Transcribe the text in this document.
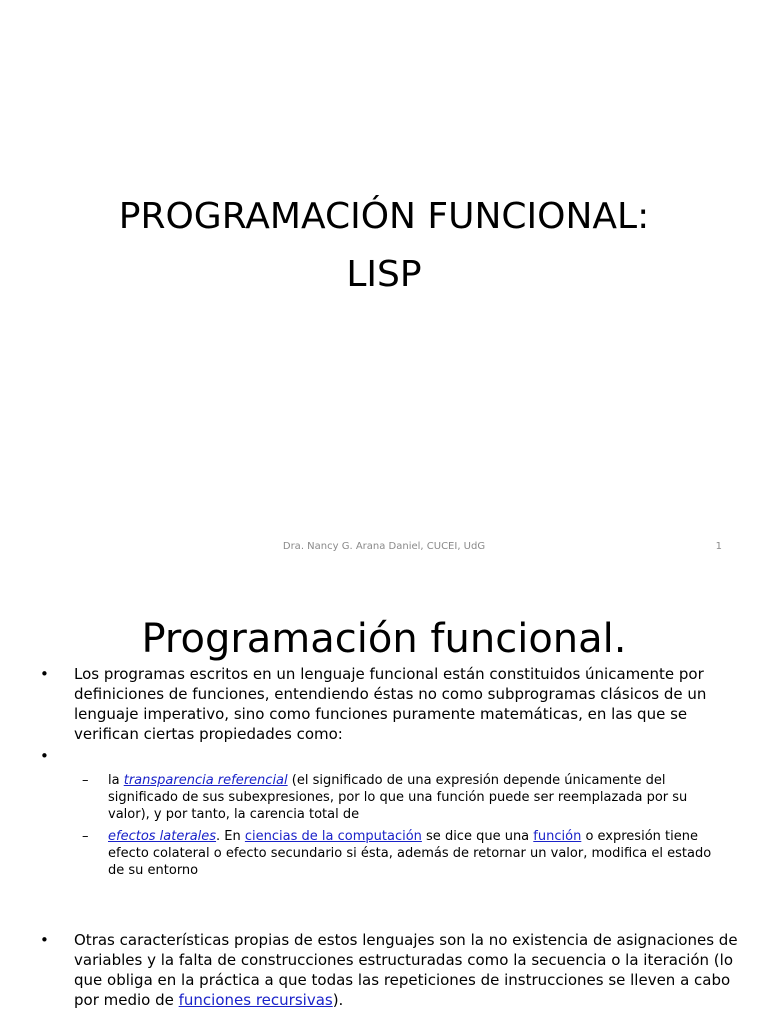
PROGRAMACIÓN FUNCIONAL:
LISP
Dra. Nancy G. Arana Daniel, CUCEI, UdG	1
Programación funcional.
• Los programas escritos en un lenguaje funcional están constituidos únicamente por definiciones de funciones, entendiendo éstas no como subprogramas clásicos de un lenguaje imperativo, sino como funciones puramente matemáticas, en las que se verifican ciertas propiedades como:
•
– la transparencia referencial (el significado de una expresión depende únicamente del significado de sus subexpresiones, por lo que una función puede ser reemplazada por su valor), y por tanto, la carencia total de
– efectos laterales. En ciencias de la computación se dice que una función o expresión tiene efecto colateral o efecto secundario si ésta, además de retornar un valor, modifica el estado de su entorno
• Otras características propias de estos lenguajes son la no existencia de asignaciones de variables y la falta de construcciones estructuradas como la secuencia o la iteración (lo que obliga en la práctica a que todas las repeticiones de instrucciones se lleven a cabo por medio de funciones recursivas).
